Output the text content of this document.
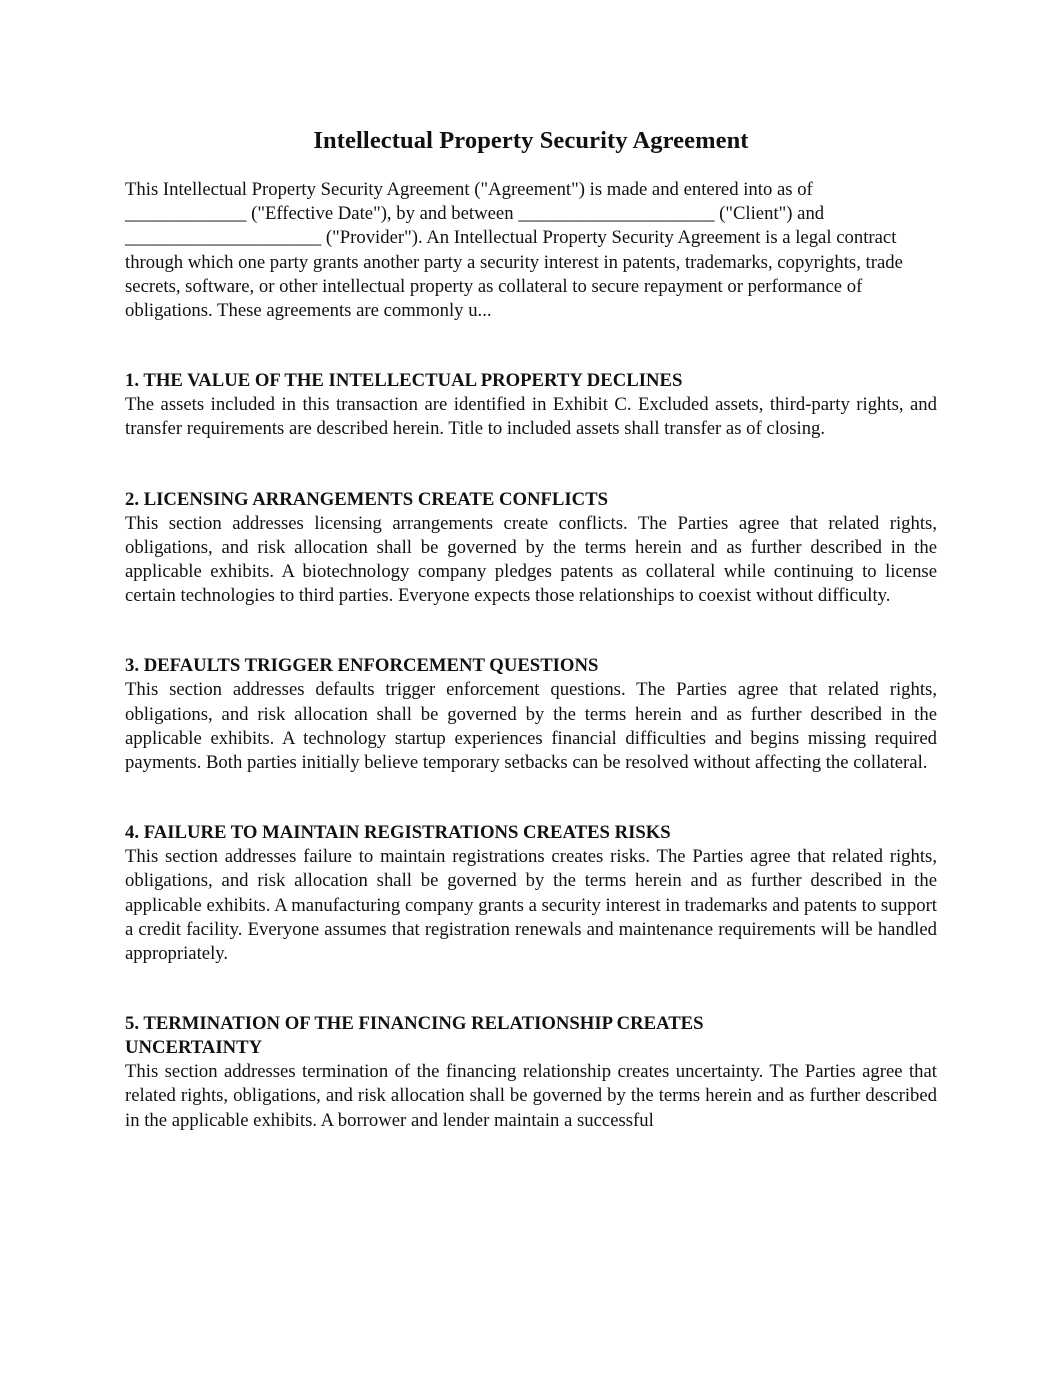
Intellectual Property Security Agreement

This Intellectual Property Security Agreement ("Agreement") is made and entered into as of _____________ ("Effective Date"), by and between _____________________ ("Client") and _____________________ ("Provider"). An Intellectual Property Security Agreement is a legal contract through which one party grants another party a security interest in patents, trademarks, copyrights, trade secrets, software, or other intellectual property as collateral to secure repayment or performance of obligations. These agreements are commonly u...

1. THE VALUE OF THE INTELLECTUAL PROPERTY DECLINES

The assets included in this transaction are identified in Exhibit C. Excluded assets, third-party rights, and transfer requirements are described herein. Title to included assets shall transfer as of closing.

2. LICENSING ARRANGEMENTS CREATE CONFLICTS

This section addresses licensing arrangements create conflicts. The Parties agree that related rights, obligations, and risk allocation shall be governed by the terms herein and as further described in the applicable exhibits. A biotechnology company pledges patents as collateral while continuing to license certain technologies to third parties. Everyone expects those relationships to coexist without difficulty.

3. DEFAULTS TRIGGER ENFORCEMENT QUESTIONS

This section addresses defaults trigger enforcement questions. The Parties agree that related rights, obligations, and risk allocation shall be governed by the terms herein and as further described in the applicable exhibits. A technology startup experiences financial difficulties and begins missing required payments. Both parties initially believe temporary setbacks can be resolved without affecting the collateral.

4. FAILURE TO MAINTAIN REGISTRATIONS CREATES RISKS

This section addresses failure to maintain registrations creates risks. The Parties agree that related rights, obligations, and risk allocation shall be governed by the terms herein and as further described in the applicable exhibits. A manufacturing company grants a security interest in trademarks and patents to support a credit facility. Everyone assumes that registration renewals and maintenance requirements will be handled appropriately.

5. TERMINATION OF THE FINANCING RELATIONSHIP CREATES UNCERTAINTY

This section addresses termination of the financing relationship creates uncertainty. The Parties agree that related rights, obligations, and risk allocation shall be governed by the terms herein and as further described in the applicable exhibits. A borrower and lender maintain a successful
